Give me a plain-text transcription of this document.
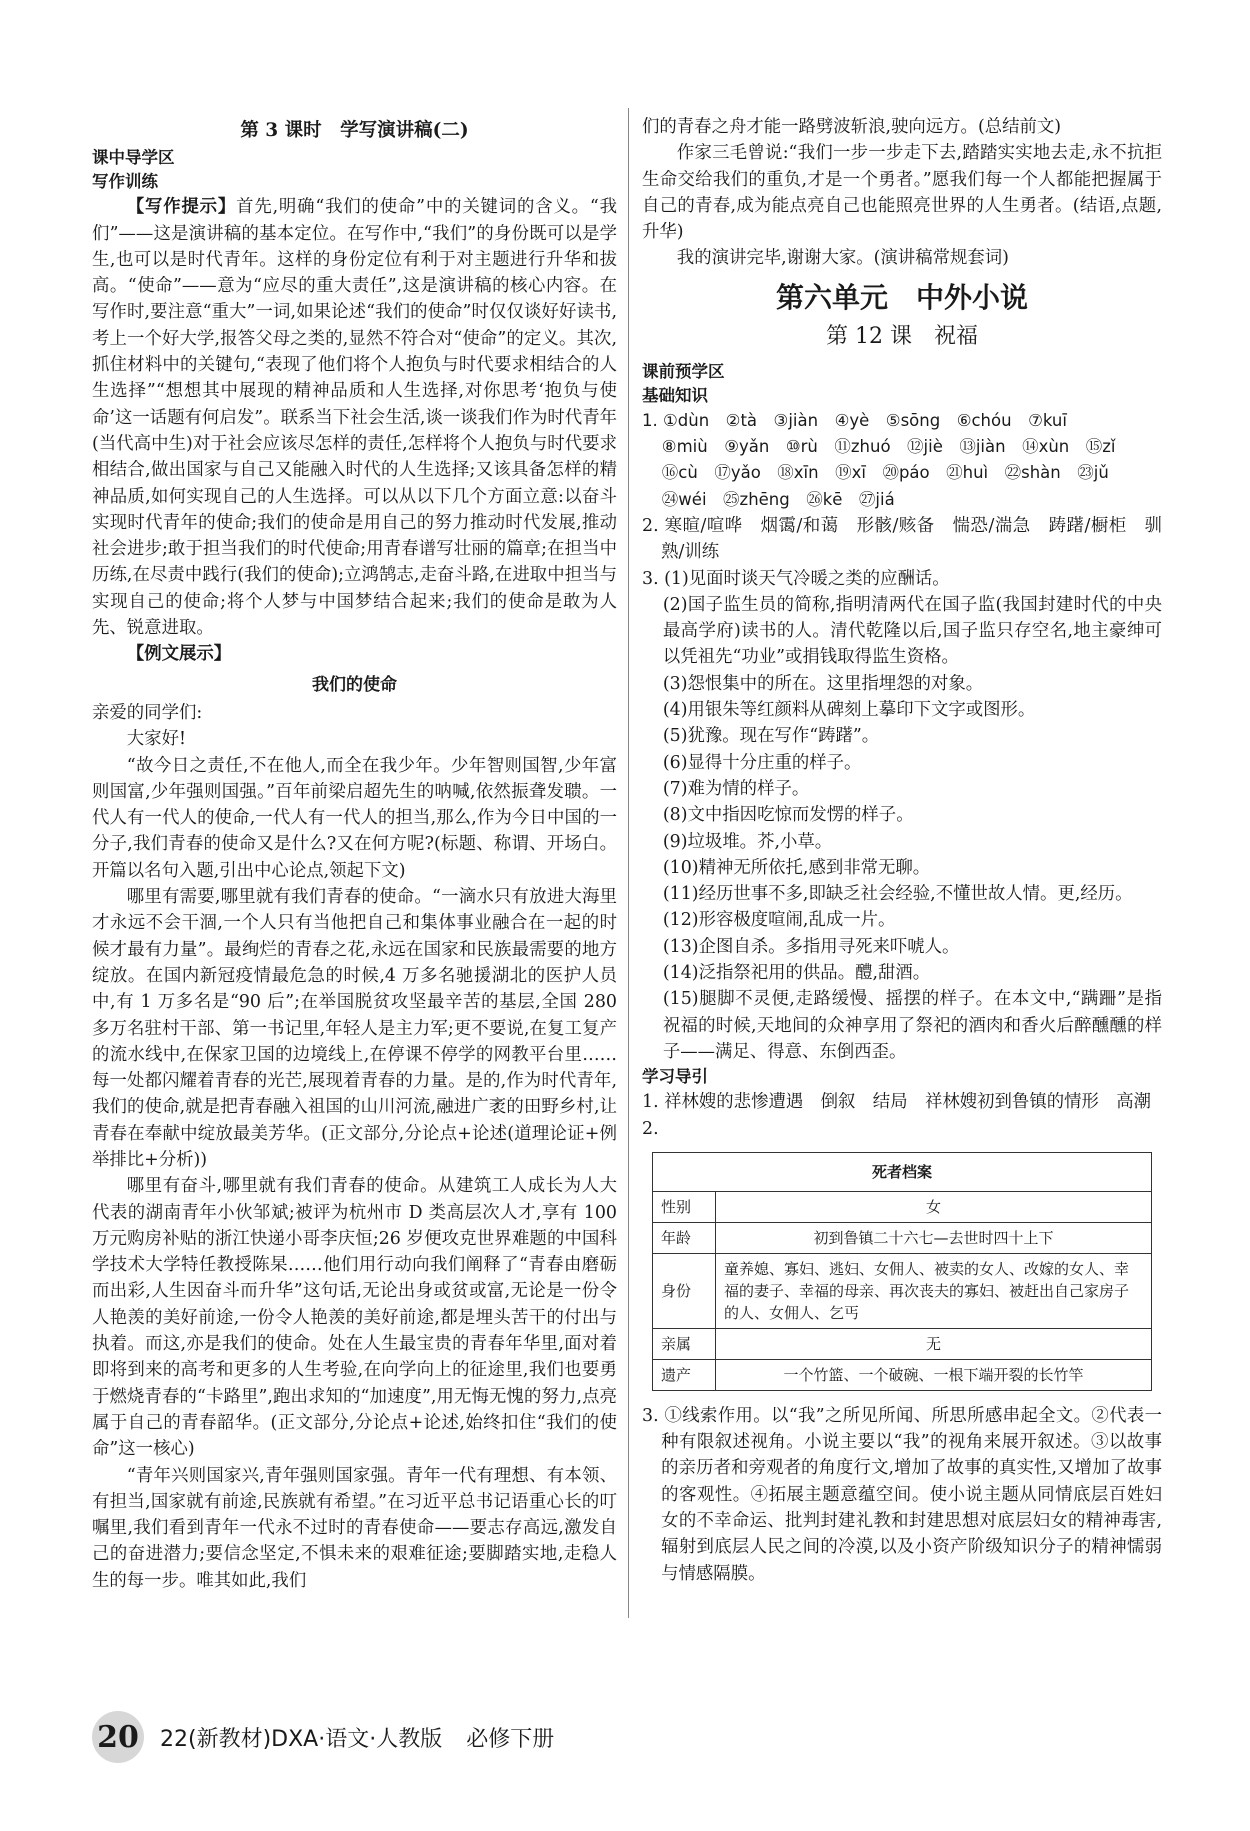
第 3 课时　学写演讲稿(二)
课中导学区
写作训练

【写作提示】首先,明确“我们的使命”中的关键词的含义。“我们”——这是演讲稿的基本定位。在写作中,“我们”的身份既可以是学生,也可以是时代青年。这样的身份定位有利于对主题进行升华和拔高。“使命”——意为“应尽的重大责任”,这是演讲稿的核心内容。在写作时,要注意“重大”一词,如果论述“我们的使命”时仅仅谈好好读书,考上一个好大学,报答父母之类的,显然不符合对“使命”的定义。其次,抓住材料中的关键句,“表现了他们将个人抱负与时代要求相结合的人生选择”“想想其中展现的精神品质和人生选择,对你思考‘抱负与使命’这一话题有何启发”。联系当下社会生活,谈一谈我们作为时代青年(当代高中生)对于社会应该尽怎样的责任,怎样将个人抱负与时代要求相结合,做出国家与自己又能融入时代的人生选择;又该具备怎样的精神品质,如何实现自己的人生选择。可以从以下几个方面立意:以奋斗实现时代青年的使命;我们的使命是用自己的努力推动时代发展,推动社会进步;敢于担当我们的时代使命;用青春谱写壮丽的篇章;在担当中历练,在尽责中践行(我们的使命);立鸿鹄志,走奋斗路,在进取中担当与实现自己的使命;将个人梦与中国梦结合起来;我们的使命是敢为人先、锐意进取。

【例文展示】

我们的使命

亲爱的同学们:

大家好!

“故今日之责任,不在他人,而全在我少年。少年智则国智,少年富则国富,少年强则国强。”百年前梁启超先生的呐喊,依然振聋发聩。一代人有一代人的使命,一代人有一代人的担当,那么,作为今日中国的一分子,我们青春的使命又是什么?又在何方呢?(标题、称谓、开场白。开篇以名句入题,引出中心论点,领起下文)

哪里有需要,哪里就有我们青春的使命。“一滴水只有放进大海里才永远不会干涸,一个人只有当他把自己和集体事业融合在一起的时候才最有力量”。最绚烂的青春之花,永远在国家和民族最需要的地方绽放。在国内新冠疫情最危急的时候,4 万多名驰援湖北的医护人员中,有 1 万多名是“90 后”;在举国脱贫攻坚最辛苦的基层,全国 280 多万名驻村干部、第一书记里,年轻人是主力军;更不要说,在复工复产的流水线中,在保家卫国的边境线上,在停课不停学的网教平台里……每一处都闪耀着青春的光芒,展现着青春的力量。是的,作为时代青年,我们的使命,就是把青春融入祖国的山川河流,融进广袤的田野乡村,让青春在奉献中绽放最美芳华。(正文部分,分论点+论述(道理论证+例举排比+分析))

哪里有奋斗,哪里就有我们青春的使命。从建筑工人成长为人大代表的湖南青年小伙邹斌;被评为杭州市 D 类高层次人才,享有 100 万元购房补贴的浙江快递小哥李庆恒;26 岁便攻克世界难题的中国科学技术大学特任教授陈杲……他们用行动向我们阐释了“青春由磨砺而出彩,人生因奋斗而升华”这句话,无论出身或贫或富,无论是一份令人艳羡的美好前途,一份令人艳羡的美好前途,都是埋头苦干的付出与执着。而这,亦是我们的使命。处在人生最宝贵的青春年华里,面对着即将到来的高考和更多的人生考验,在向学向上的征途里,我们也要勇于燃烧青春的“卡路里”,跑出求知的“加速度”,用无悔无愧的努力,点亮属于自己的青春韶华。(正文部分,分论点+论述,始终扣住“我们的使命”这一核心)

“青年兴则国家兴,青年强则国家强。青年一代有理想、有本领、有担当,国家就有前途,民族就有希望。”在习近平总书记语重心长的叮嘱里,我们看到青年一代永不过时的青春使命——要志存高远,激发自己的奋进潜力;要信念坚定,不惧未来的艰难征途;要脚踏实地,走稳人生的每一步。唯其如此,我们

们的青春之舟才能一路劈波斩浪,驶向远方。(总结前文)

作家三毛曾说:“我们一步一步走下去,踏踏实实地去走,永不抗拒生命交给我们的重负,才是一个勇者。”愿我们每一个人都能把握属于自己的青春,成为能点亮自己也能照亮世界的人生勇者。(结语,点题,升华)

我的演讲完毕,谢谢大家。(演讲稿常规套词)

第六单元　中外小说
第 12 课　祝福
课前预学区
基础知识

1. ①dùn　②tà　③jiàn　④yè　⑤sōng　⑥chóu　⑦kuī

⑧miù　⑨yǎn　⑩rù　⑪zhuó　⑫jiè　⑬jiàn　⑭xùn　⑮zǐ

⑯cù　⑰yǎo　⑱xīn　⑲xī　⑳páo　㉑huì　㉒shàn　㉓jǔ

㉔wéi　㉕zhēng　㉖kē　㉗jiá

2. 寒暄/喧哗　烟霭/和蔼　形骸/赅备　惴恐/湍急　踌躇/橱柜　驯熟/训练

3. (1)见面时谈天气冷暖之类的应酬话。

(2)国子监生员的简称,指明清两代在国子监(我国封建时代的中央最高学府)读书的人。清代乾隆以后,国子监只存空名,地主豪绅可以凭祖先“功业”或捐钱取得监生资格。

(3)怨恨集中的所在。这里指埋怨的对象。

(4)用银朱等红颜料从碑刻上摹印下文字或图形。

(5)犹豫。现在写作“踌躇”。

(6)显得十分庄重的样子。

(7)难为情的样子。

(8)文中指因吃惊而发愣的样子。

(9)垃圾堆。芥,小草。

(10)精神无所依托,感到非常无聊。

(11)经历世事不多,即缺乏社会经验,不懂世故人情。更,经历。

(12)形容极度喧闹,乱成一片。

(13)企图自杀。多指用寻死来吓唬人。

(14)泛指祭祀用的供品。醴,甜酒。

(15)腿脚不灵便,走路缓慢、摇摆的样子。在本文中,“蹒跚”是指祝福的时候,天地间的众神享用了祭祀的酒肉和香火后醉醺醺的样子——满足、得意、东倒西歪。

学习导引

1. 祥林嫂的悲惨遭遇　倒叙　结局　祥林嫂初到鲁镇的情形　高潮

2.

死者档案	
性别	女
年龄	初到鲁镇二十六七—去世时四十上下
身份	童养媳、寡妇、逃妇、女佣人、被卖的女人、改嫁的女人、幸福的妻子、幸福的母亲、再次丧夫的寡妇、被赶出自己家房子的人、女佣人、乞丐
亲属	无
遗产	一个竹篮、一个破碗、一根下端开裂的长竹竿

3. ①线索作用。以“我”之所见所闻、所思所感串起全文。②代表一种有限叙述视角。小说主要以“我”的视角来展开叙述。③以故事的亲历者和旁观者的角度行文,增加了故事的真实性,又增加了故事的客观性。④拓展主题意蕴空间。使小说主题从同情底层百姓妇女的不幸命运、批判封建礼教和封建思想对底层妇女的精神毒害,辐射到底层人民之间的冷漠,以及小资产阶级知识分子的精神懦弱与情感隔膜。

20 22(新教材)DXA·语文·人教版 必修下册
